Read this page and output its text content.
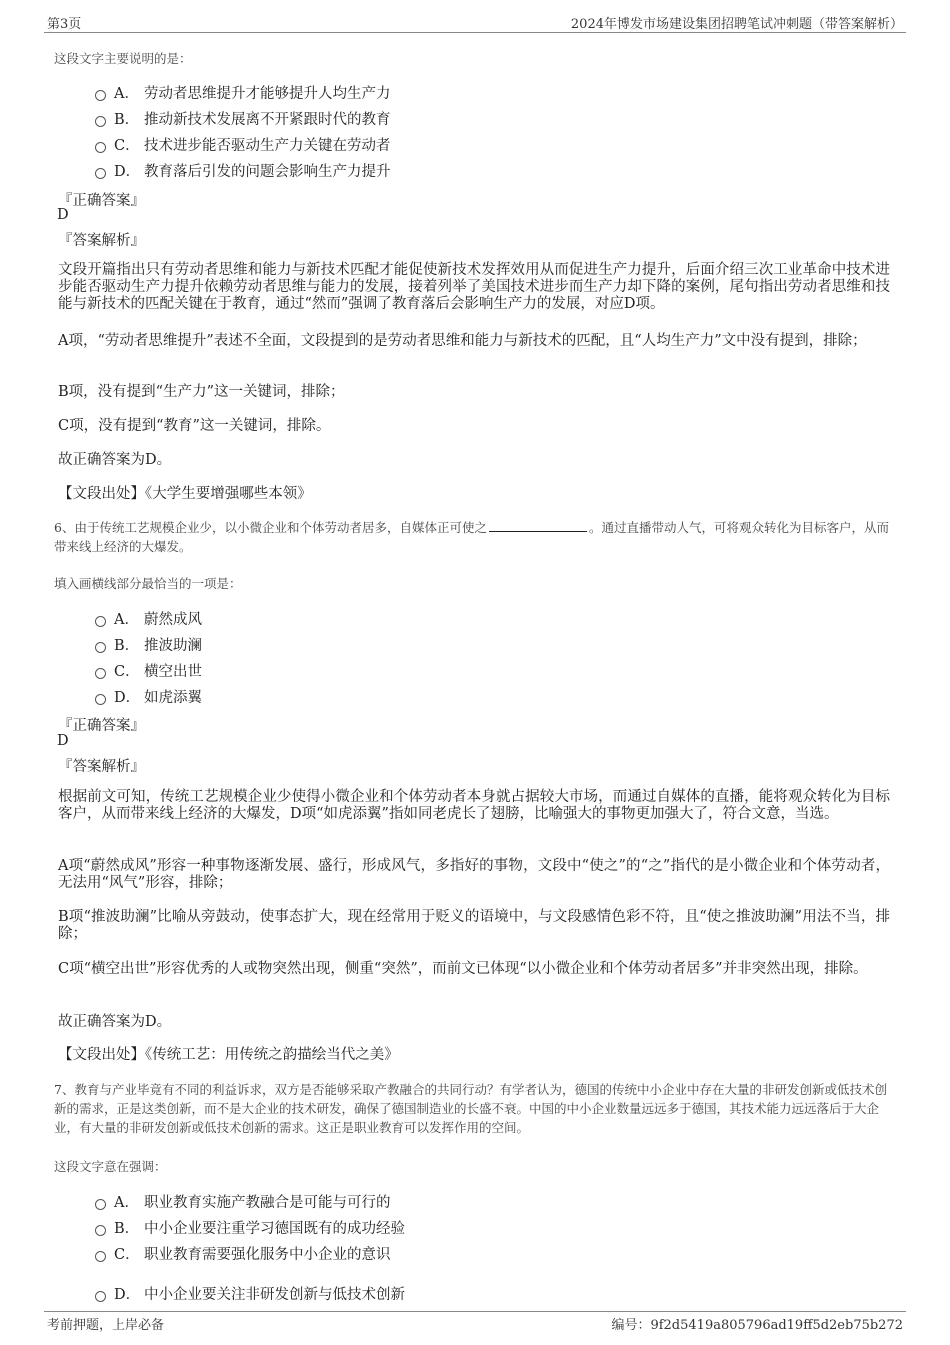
第3页	2024年博发市场建设集团招聘笔试冲刺题（带答案解析）
这段文字主要说明的是：
A． 劳动者思维提升才能够提升人均生产力
B． 推动新技术发展离不开紧跟时代的教育
C． 技术进步能否驱动生产力关键在劳动者
D． 教育落后引发的问题会影响生产力提升
『正确答案』
D
『答案解析』
文段开篇指出只有劳动者思维和能力与新技术匹配才能促使新技术发挥效用从而促进生产力提升，后面介绍三次工业革命中技术进步能否驱动生产力提升依赖劳动者思维与能力的发展，接着列举了美国技术进步而生产力却下降的案例，尾句指出劳动者思维和技能与新技术的匹配关键在于教育，通过“然而”强调了教育落后会影响生产力的发展，对应D项。
A项，“劳动者思维提升”表述不全面，文段提到的是劳动者思维和能力与新技术的匹配，且“人均生产力”文中没有提到，排除；
B项，没有提到“生产力”这一关键词，排除；
C项，没有提到“教育”这一关键词，排除。
故正确答案为D。
【文段出处】《大学生要增强哪些本领》
6、由于传统工艺规模企业少，以小微企业和个体劳动者居多，自媒体正可使之	。通过直播带动人气，可将观众转化为目标客户，从而带来线上经济的大爆发。
填入画横线部分最恰当的一项是：
A． 蔚然成风
B． 推波助澜
C． 横空出世
D． 如虎添翼
『正确答案』
D
『答案解析』
根据前文可知，传统工艺规模企业少使得小微企业和个体劳动者本身就占据较大市场，而通过自媒体的直播，能将观众转化为目标客户，从而带来线上经济的大爆发，D项“如虎添翼”指如同老虎长了翅膀，比喻强大的事物更加强大了，符合文意，当选。
A项“蔚然成风”形容一种事物逐渐发展、盛行，形成风气，多指好的事物，文段中“使之”的“之”指代的是小微企业和个体劳动者，无法用“风气”形容，排除；
B项“推波助澜”比喻从旁鼓动，使事态扩大，现在经常用于贬义的语境中，与文段感情色彩不符，且“使之推波助澜”用法不当，排除；
C项“横空出世”形容优秀的人或物突然出现，侧重“突然”，而前文已体现“以小微企业和个体劳动者居多”并非突然出现，排除。
故正确答案为D。
【文段出处】《传统工艺：用传统之韵描绘当代之美》
7、教育与产业毕竟有不同的利益诉求，双方是否能够采取产教融合的共同行动？有学者认为，德国的传统中小企业中存在大量的非研发创新或低技术创新的需求，正是这类创新，而不是大企业的技术研发，确保了德国制造业的长盛不衰。中国的中小企业数量远远多于德国，其技术能力远远落后于大企业，有大量的非研发创新或低技术创新的需求。这正是职业教育可以发挥作用的空间。
这段文字意在强调：
A． 职业教育实施产教融合是可能与可行的
B． 中小企业要注重学习德国既有的成功经验
C． 职业教育需要强化服务中小企业的意识
D． 中小企业要关注非研发创新与低技术创新
考前押题，上岸必备	编号：9f2d5419a805796ad19ff5d2eb75b272
